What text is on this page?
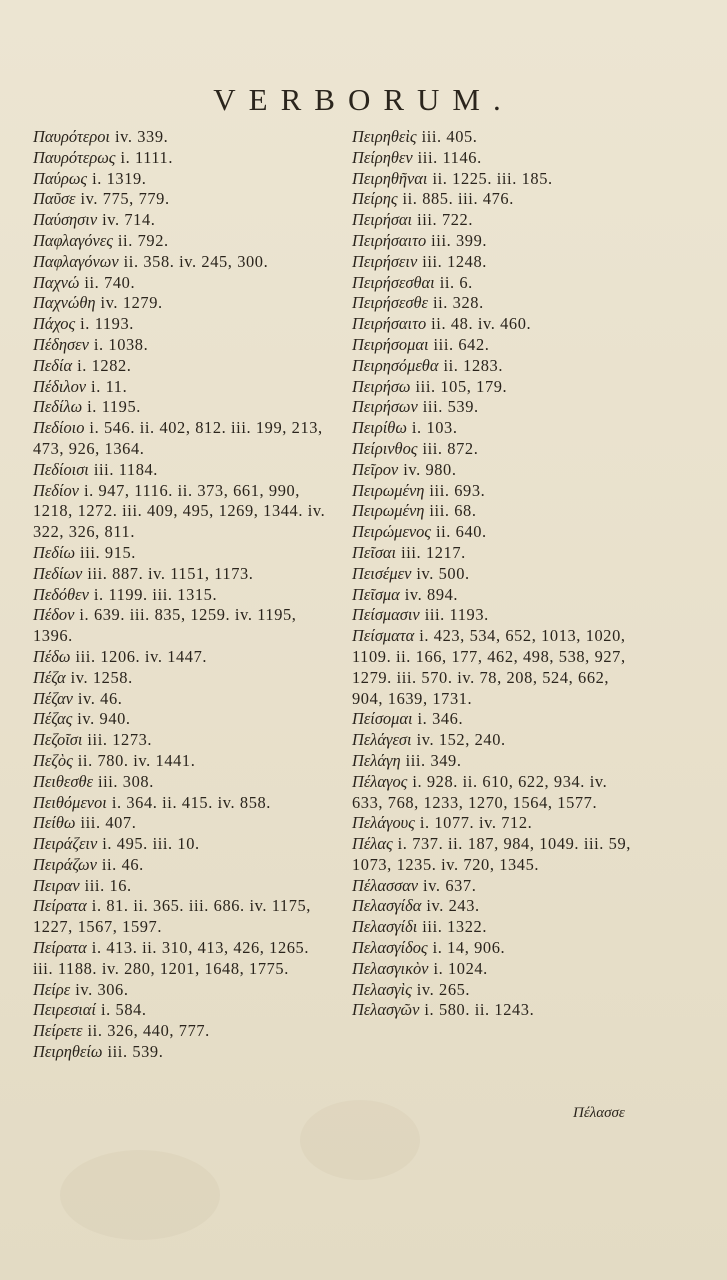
VERBORUM.
Παυρότεροι iv. 339.
Παυρότερως i. 1111.
Παύρως i. 1319.
Παῦσε iv. 775, 779.
Παύσησιν iv. 714.
Παφλαγόνες ii. 792.
Παφλαγόνων ii. 358. iv. 245, 300.
Παχνώ ii. 740.
Παχνώθη iv. 1279.
Πάχος i. 1193.
Πέδησεν i. 1038.
Πεδία i. 1282.
Πέδιλον i. 11.
Πεδίλω i. 1195.
Πεδίοιο i. 546. ii. 402, 812. iii. 199, 213, 473, 926, 1364.
Πεδίοισι iii. 1184.
Πεδίον i. 947, 1116. ii. 373, 661, 990, 1218, 1272. iii. 409, 495, 1269, 1344. iv. 322, 326, 811.
Πεδίω iii. 915.
Πεδίων iii. 887. iv. 1151, 1173.
Πεδόθεν i. 1199. iii. 1315.
Πέδον i. 639. iii. 835, 1259. iv. 1195, 1396.
Πέδω iii. 1206. iv. 1447.
Πέζα iv. 1258.
Πέζαν iv. 46.
Πέζας iv. 940.
Πεζοῖσι iii. 1273.
Πεζὸς ii. 780. iv. 1441.
Πειθεσθε iii. 308.
Πειθόμενοι i. 364. ii. 415. iv. 858.
Πείθω iii. 407.
Πειράζειν i. 495. iii. 10.
Πειράζων ii. 46.
Πειραν iii. 16.
Πείρατα i. 81. ii. 365. iii. 686. iv. 1175, 1227, 1567, 1597.
Πείρατα i. 413. ii. 310, 413, 426, 1265. iii. 1188. iv. 280, 1201, 1648, 1775.
Πείρε iv. 306.
Πειρεσιαί i. 584.
Πείρετε ii. 326, 440, 777.
Πειρηθείω iii. 539.
Πειρηθεὶς iii. 405.
Πείρηθεν iii. 1146.
Πειρηθῆναι ii. 1225. iii. 185.
Πείρης ii. 885. iii. 476.
Πειρήσαι iii. 722.
Πειρήσαιτο iii. 399.
Πειρήσειν iii. 1248.
Πειρήσεσθαι ii. 6.
Πειρήσεσθε ii. 328.
Πειρήσαιτο ii. 48. iv. 460.
Πειρήσομαι iii. 642.
Πειρησόμεθα ii. 1283.
Πειρήσω iii. 105, 179.
Πειρήσων iii. 539.
Πειρίθω i. 103.
Πείρινθος iii. 872.
Πεῖρον iv. 980.
Πειρωμένη iii. 693.
Πειρωμένη iii. 68.
Πειρώμενος ii. 640.
Πεῖσαι iii. 1217.
Πεισέμεν iv. 500.
Πεῖσμα iv. 894.
Πείσμασιν iii. 1193.
Πείσματα i. 423, 534, 652, 1013, 1020, 1109. ii. 166, 177, 462, 498, 538, 927, 1279. iii. 570. iv. 78, 208, 524, 662, 904, 1639, 1731.
Πείσομαι i. 346.
Πελάγεσι iv. 152, 240.
Πελάγη iii. 349.
Πέλαγος i. 928. ii. 610, 622, 934. iv. 633, 768, 1233, 1270, 1564, 1577.
Πελάγους i. 1077. iv. 712.
Πέλας i. 737. ii. 187, 984, 1049. iii. 59, 1073, 1235. iv. 720, 1345.
Πέλασσαν iv. 637.
Πελασγίδα iv. 243.
Πελασγίδι iii. 1322.
Πελασγίδος i. 14, 906.
Πελασγικὸν i. 1024.
Πελασγὶς iv. 265.
Πελασγῶν i. 580. ii. 1243.
Πέλασσε
